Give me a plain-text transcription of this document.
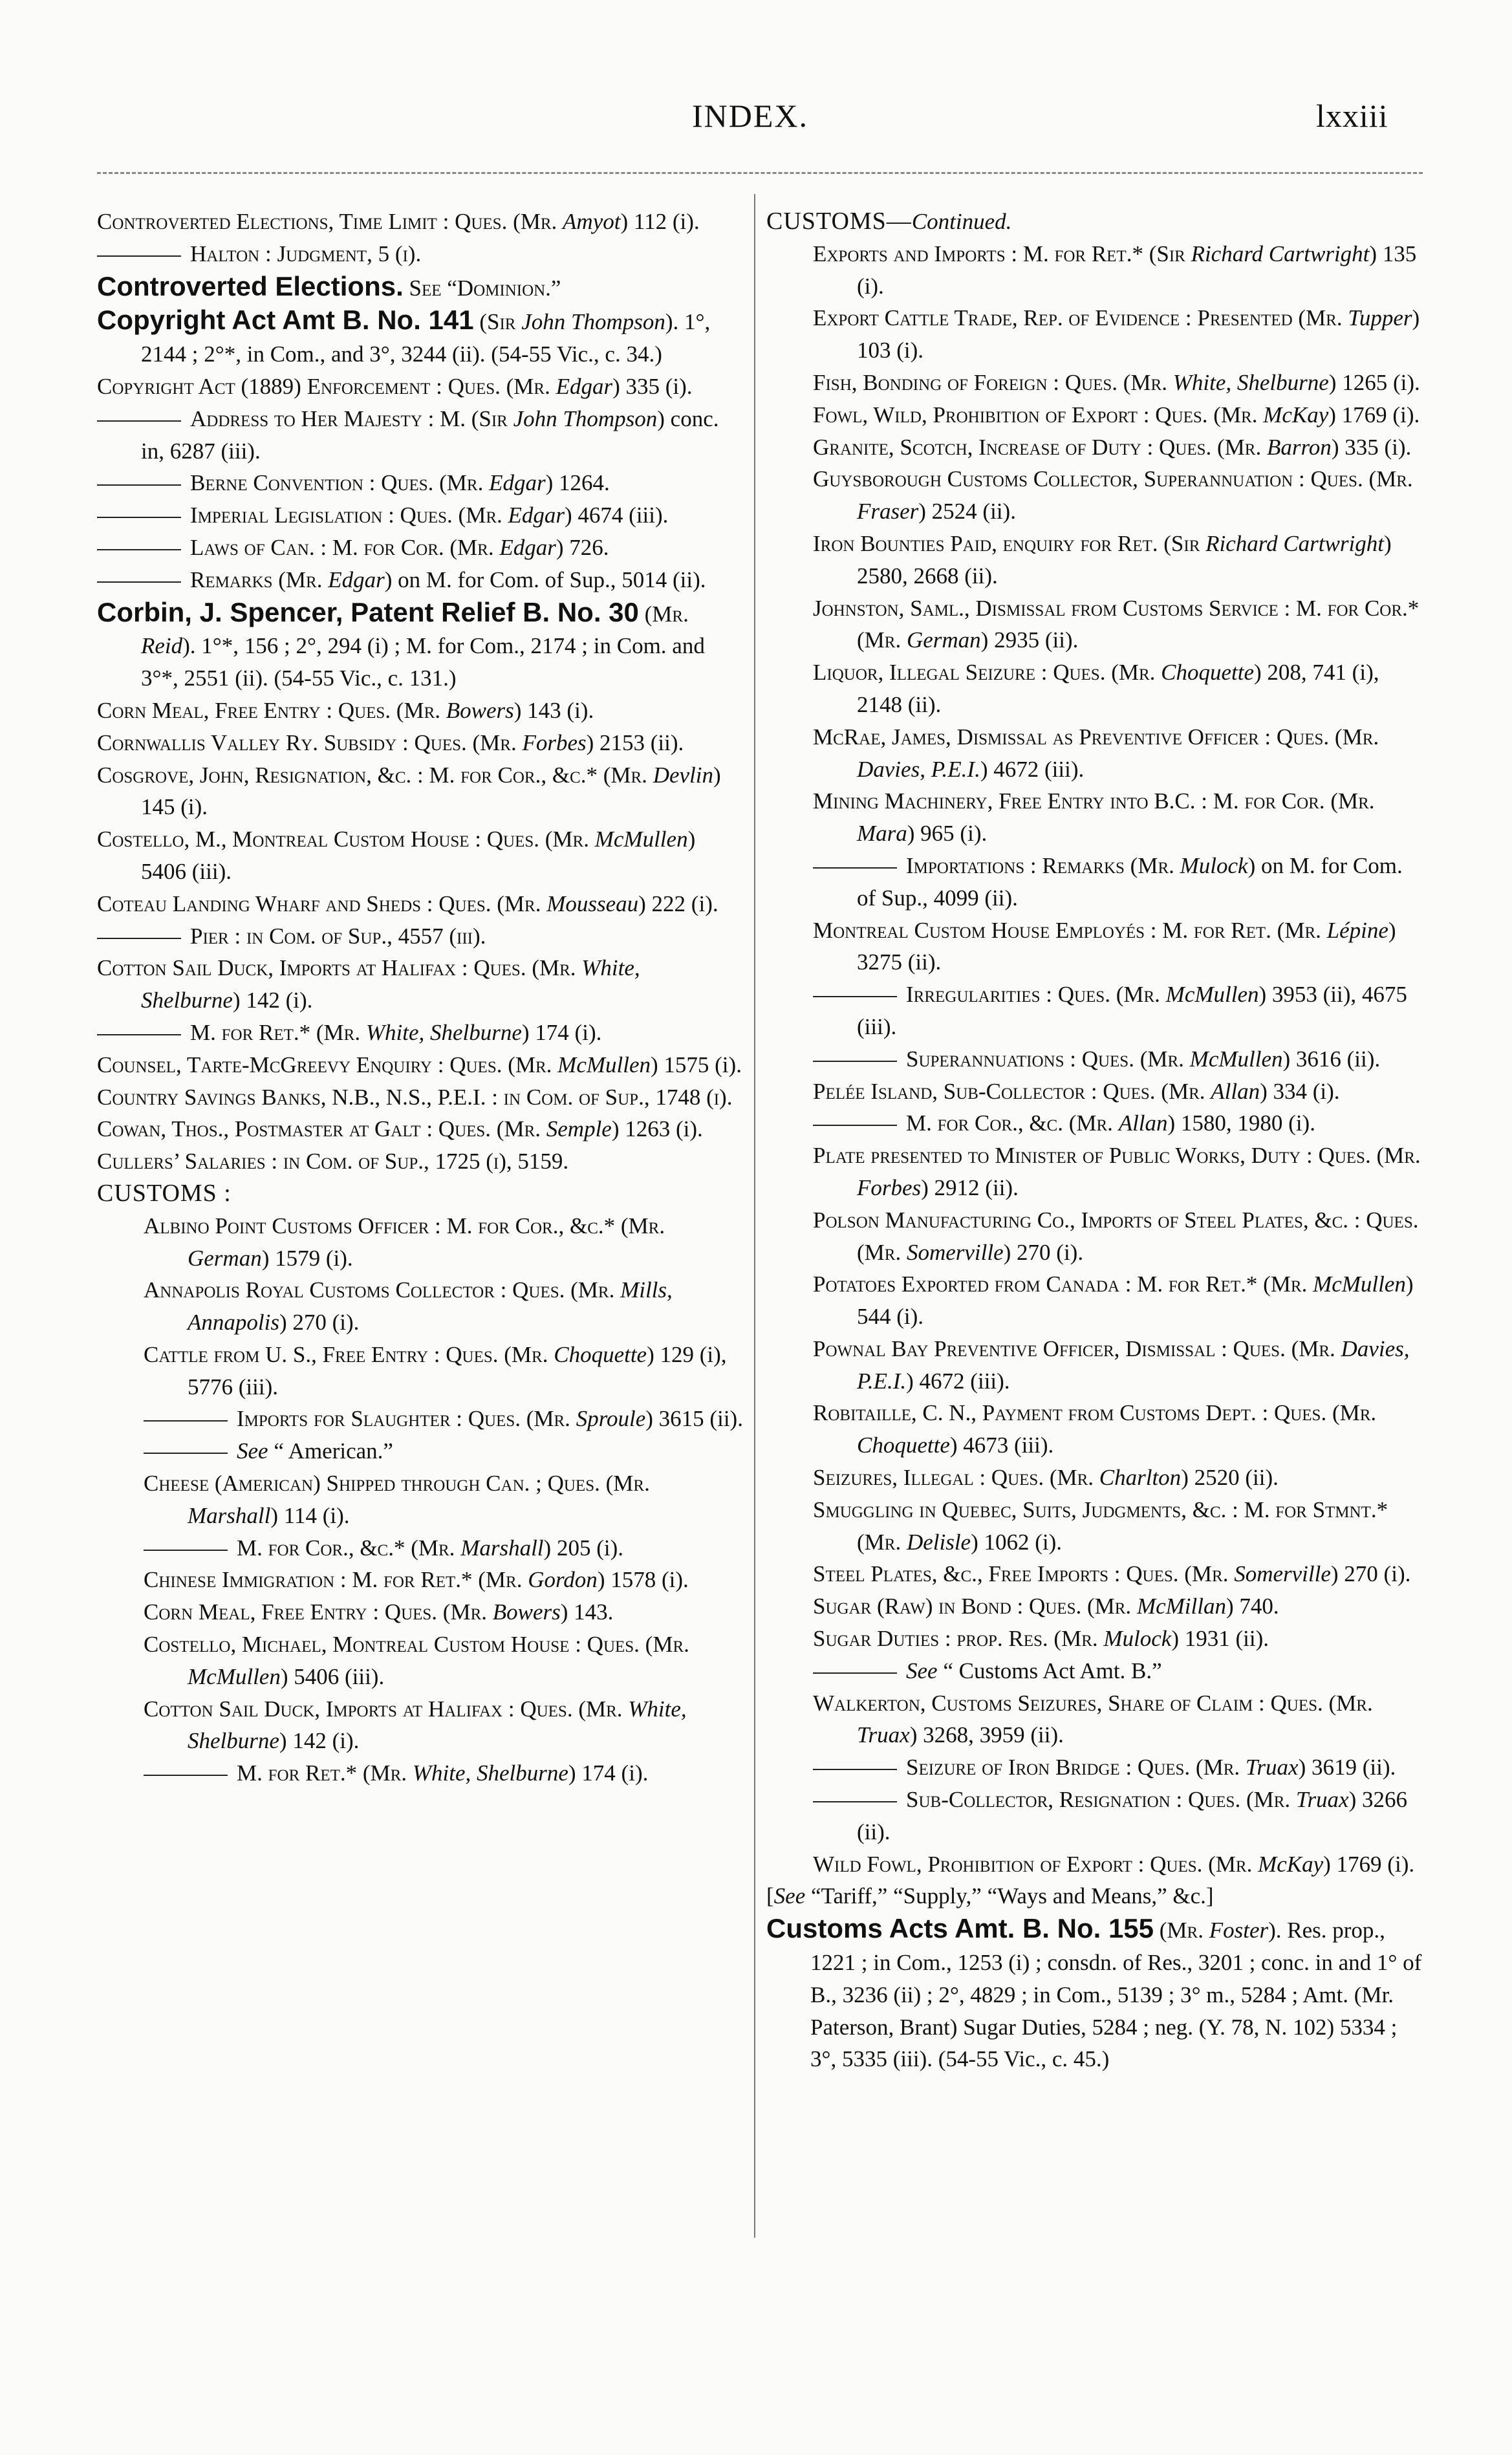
INDEX.	lxxiii

Controverted Elections, Time Limit : Ques. (Mr. Amyot) 112 (i).

Halton : Judgment, 5 (i).

Controverted Elections. See “Dominion.”

Copyright Act Amt B. No. 141 (Sir John Thompson). 1°, 2144 ; 2°*, in Com., and 3°, 3244 (ii). (54-55 Vic., c. 34.)

Copyright Act (1889) Enforcement : Ques. (Mr. Edgar) 335 (i).

Address to Her Majesty : M. (Sir John Thompson) conc. in, 6287 (iii).

Berne Convention : Ques. (Mr. Edgar) 1264.

Imperial Legislation : Ques. (Mr. Edgar) 4674 (iii).

Laws of Can. : M. for Cor. (Mr. Edgar) 726.

Remarks (Mr. Edgar) on M. for Com. of Sup., 5014 (ii).

Corbin, J. Spencer, Patent Relief B. No. 30 (Mr. Reid). 1°*, 156 ; 2°, 294 (i) ; M. for Com., 2174 ; in Com. and 3°*, 2551 (ii). (54-55 Vic., c. 131.)

Corn Meal, Free Entry : Ques. (Mr. Bowers) 143 (i).

Cornwallis Valley Ry. Subsidy : Ques. (Mr. Forbes) 2153 (ii).

Cosgrove, John, Resignation, &c. : M. for Cor., &c.* (Mr. Devlin) 145 (i).

Costello, M., Montreal Custom House : Ques. (Mr. McMullen) 5406 (iii).

Coteau Landing Wharf and Sheds : Ques. (Mr. Mousseau) 222 (i).

Pier : in Com. of Sup., 4557 (iii).

Cotton Sail Duck, Imports at Halifax : Ques. (Mr. White, Shelburne) 142 (i).

M. for Ret.* (Mr. White, Shelburne) 174 (i).

Counsel, Tarte-McGreevy Enquiry : Ques. (Mr. McMullen) 1575 (i).

Country Savings Banks, N.B., N.S., P.E.I. : in Com. of Sup., 1748 (i).

Cowan, Thos., Postmaster at Galt : Ques. (Mr. Semple) 1263 (i).

Cullers’ Salaries : in Com. of Sup., 1725 (i), 5159.

CUSTOMS :

Albino Point Customs Officer : M. for Cor., &c.* (Mr. German) 1579 (i).

Annapolis Royal Customs Collector : Ques. (Mr. Mills, Annapolis) 270 (i).

Cattle from U. S., Free Entry : Ques. (Mr. Choquette) 129 (i), 5776 (iii).

Imports for Slaughter : Ques. (Mr. Sproule) 3615 (ii).

See “ American.”

Cheese (American) Shipped through Can. ; Ques. (Mr. Marshall) 114 (i).

M. for Cor., &c.* (Mr. Marshall) 205 (i).

Chinese Immigration : M. for Ret.* (Mr. Gordon) 1578 (i).

Corn Meal, Free Entry : Ques. (Mr. Bowers) 143.

Costello, Michael, Montreal Custom House : Ques. (Mr. McMullen) 5406 (iii).

Cotton Sail Duck, Imports at Halifax : Ques. (Mr. White, Shelburne) 142 (i).

M. for Ret.* (Mr. White, Shelburne) 174 (i).

CUSTOMS—Continued.

Exports and Imports : M. for Ret.* (Sir Richard Cartwright) 135 (i).

Export Cattle Trade, Rep. of Evidence : Presented (Mr. Tupper) 103 (i).

Fish, Bonding of Foreign : Ques. (Mr. White, Shelburne) 1265 (i).

Fowl, Wild, Prohibition of Export : Ques. (Mr. McKay) 1769 (i).

Granite, Scotch, Increase of Duty : Ques. (Mr. Barron) 335 (i).

Guysborough Customs Collector, Superannuation : Ques. (Mr. Fraser) 2524 (ii).

Iron Bounties Paid, enquiry for Ret. (Sir Richard Cartwright) 2580, 2668 (ii).

Johnston, Saml., Dismissal from Customs Service : M. for Cor.* (Mr. German) 2935 (ii).

Liquor, Illegal Seizure : Ques. (Mr. Choquette) 208, 741 (i), 2148 (ii).

McRae, James, Dismissal as Preventive Officer : Ques. (Mr. Davies, P.E.I.) 4672 (iii).

Mining Machinery, Free Entry into B.C. : M. for Cor. (Mr. Mara) 965 (i).

Importations : Remarks (Mr. Mulock) on M. for Com. of Sup., 4099 (ii).

Montreal Custom House Employés : M. for Ret. (Mr. Lépine) 3275 (ii).

Irregularities : Ques. (Mr. McMullen) 3953 (ii), 4675 (iii).

Superannuations : Ques. (Mr. McMullen) 3616 (ii).

Pelée Island, Sub-Collector : Ques. (Mr. Allan) 334 (i).

M. for Cor., &c. (Mr. Allan) 1580, 1980 (i).

Plate presented to Minister of Public Works, Duty : Ques. (Mr. Forbes) 2912 (ii).

Polson Manufacturing Co., Imports of Steel Plates, &c. : Ques. (Mr. Somerville) 270 (i).

Potatoes Exported from Canada : M. for Ret.* (Mr. McMullen) 544 (i).

Pownal Bay Preventive Officer, Dismissal : Ques. (Mr. Davies, P.E.I.) 4672 (iii).

Robitaille, C. N., Payment from Customs Dept. : Ques. (Mr. Choquette) 4673 (iii).

Seizures, Illegal : Ques. (Mr. Charlton) 2520 (ii).

Smuggling in Quebec, Suits, Judgments, &c. : M. for Stmnt.* (Mr. Delisle) 1062 (i).

Steel Plates, &c., Free Imports : Ques. (Mr. Somerville) 270 (i).

Sugar (Raw) in Bond : Ques. (Mr. McMillan) 740.

Sugar Duties : prop. Res. (Mr. Mulock) 1931 (ii).

See “ Customs Act Amt. B.”

Walkerton, Customs Seizures, Share of Claim : Ques. (Mr. Truax) 3268, 3959 (ii).

Seizure of Iron Bridge : Ques. (Mr. Truax) 3619 (ii).

Sub-Collector, Resignation : Ques. (Mr. Truax) 3266 (ii).

Wild Fowl, Prohibition of Export : Ques. (Mr. McKay) 1769 (i).

[See “Tariff,” “Supply,” “Ways and Means,” &c.]

Customs Acts Amt. B. No. 155 (Mr. Foster). Res. prop., 1221 ; in Com., 1253 (i) ; consdn. of Res., 3201 ; conc. in and 1° of B., 3236 (ii) ; 2°, 4829 ; in Com., 5139 ; 3° m., 5284 ; Amt. (Mr. Paterson, Brant) Sugar Duties, 5284 ; neg. (Y. 78, N. 102) 5334 ; 3°, 5335 (iii). (54-55 Vic., c. 45.)
